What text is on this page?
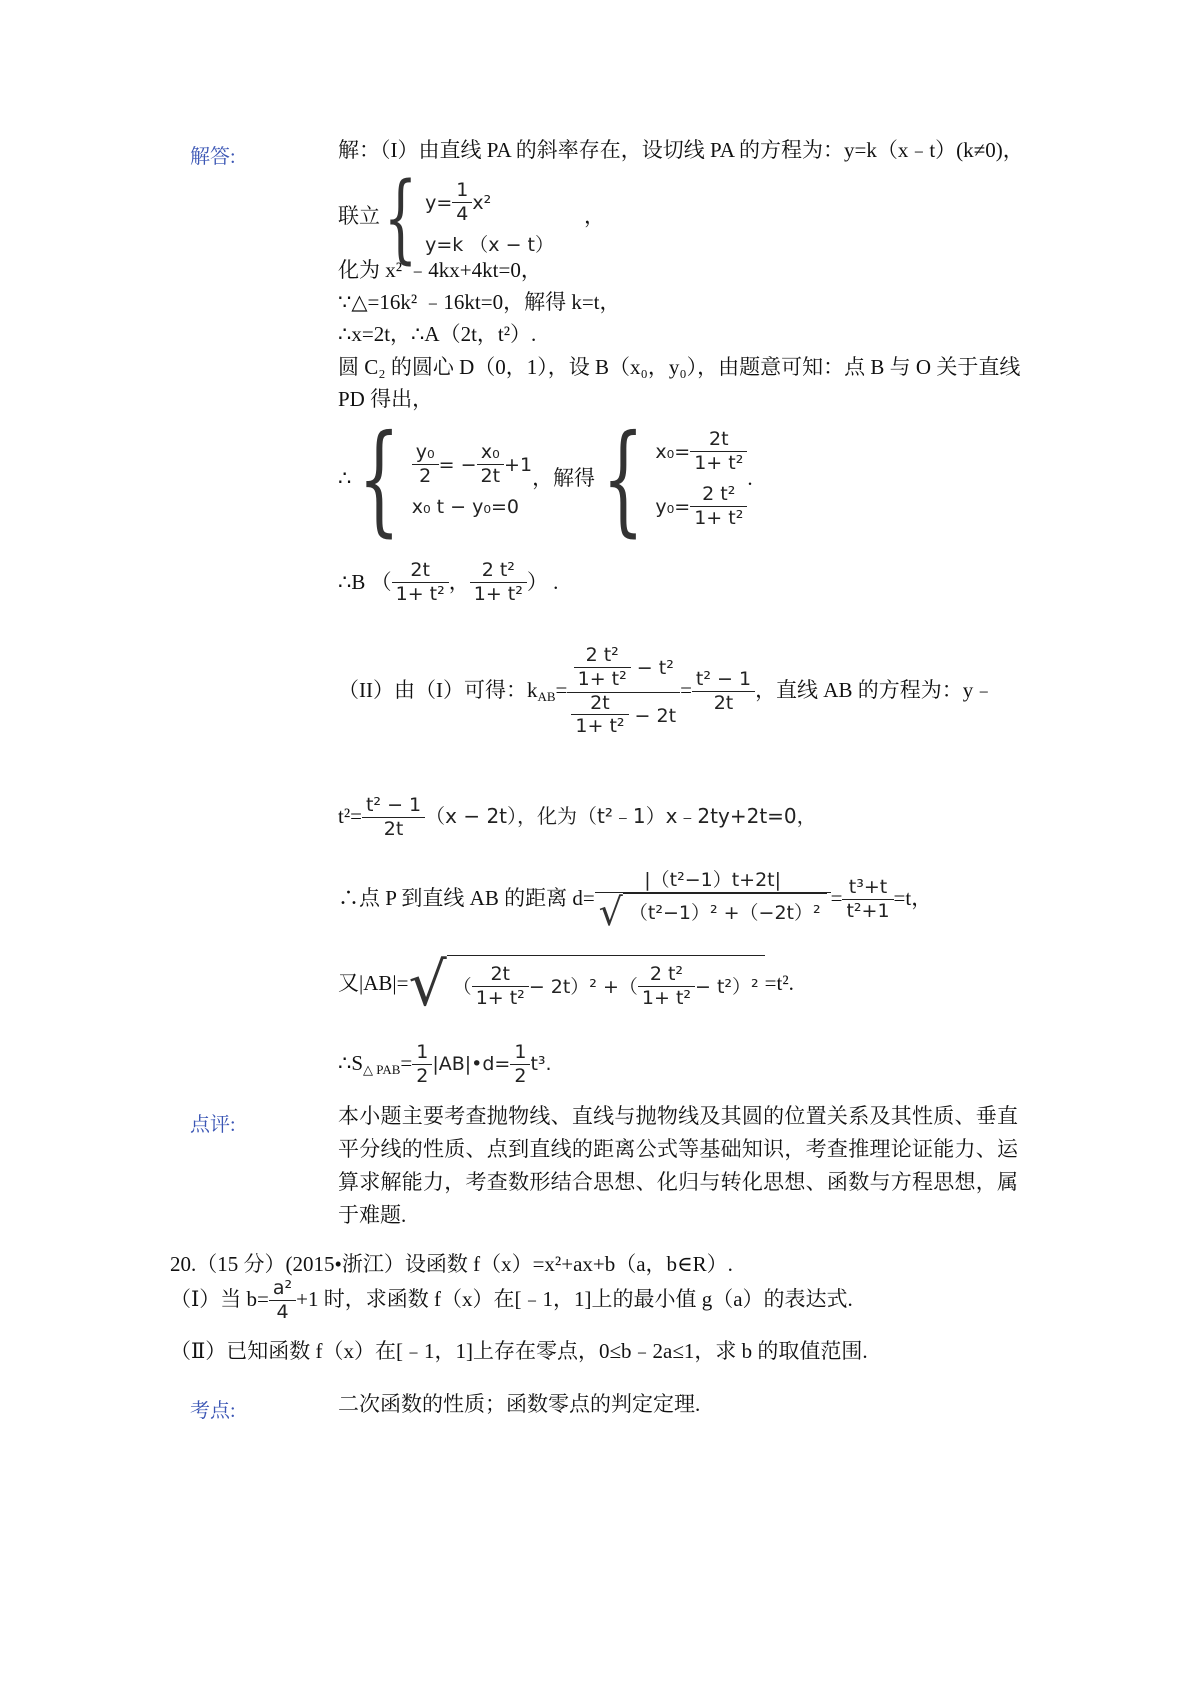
解答:	解：（I）由直线 PA 的斜率存在，设切线 PA 的方程为：y=k（x﹣t）(k≠0)，
联立 { $y= \frac{1}{4} x^2$
y=k （x − t）
，
化为 x² ﹣4kx+4kt=0，
∵△=16k² ﹣16kt=0，解得 k=t，
∴x=2t，∴A（2t，t²）.
圆 C₂ 的圆心 D（0，1），设 B（x₀，y₀），由题意可知：点 B 与 O 关于直线
PD 得出，
∴ { $\frac{\text{y₀}}{2}$ = − $\frac{\text{x₀}}{2t} +1$
x₀ t − y₀=0
，解得 { $x_0= \frac{2t}{\text{1+ t²}}$
$y_0= \frac{\text{2 t²}}{\text{1+ t²}}$
.
∴B （ $\frac{2t}{\text{1+ t²}}$ ， $\frac{\text{2 t²}}{\text{1+ t²}}$ ） .
（II）由（I）可得：$k_{AB}= \frac{\frac{\text{2 t²}}{\text{1+ t²}} - t^2}{\frac{2t}{\text{1+ t²}} - 2t} = \frac{\text{t² − 1}}{2t}$ ，直线 AB 的方程为：y﹣
$t^2= \frac{\text{t² − 1}}{2t} (x - 2t)$，化为（t²﹣1）x﹣2ty+2t=0，
∴点 P 到直线 AB 的距离 $d= \frac{\text{|（t²−1）t+2t|}}{\text{√ （t²−1）² +（−2t）²}} = \frac{\text{t³+t}}{\text{t²+1}} =t$，
又|AB|= √ （ $\frac{2t}{\text{1+ t²}} - 2t)^2$ +（ $\frac{\text{2 t²}}{\text{1+ t²}} - t^2)^2 =t^2$.
$\therefore S_{\triangle PAB}= \frac{1}{2}$ |AB|•d= $\frac{1}{2} t^3$.
点评:	本小题主要考查抛物线、直线与抛物线及其圆的位置关系及其性质、垂直平分线的性质、点到直线的距离公式等基础知识，考查推理论证能力、运算求解能力，考查数形结合思想、化归与转化思想、函数与方程思想，属于难题.
20.（15 分）(2015•浙江）设函数 f（x）=x²+ax+b（a，b∈R）.
（Ⅰ）当 $b= \frac{\text{a²}}{4} +1$ 时，求函数 f（x）在[﹣1，1]上的最小值 g（a）的表达式.
（Ⅱ）已知函数 f（x）在[﹣1，1]上存在零点，0≤b﹣2a≤1，求 b 的取值范围.
考点:	二次函数的性质；函数零点的判定定理.
